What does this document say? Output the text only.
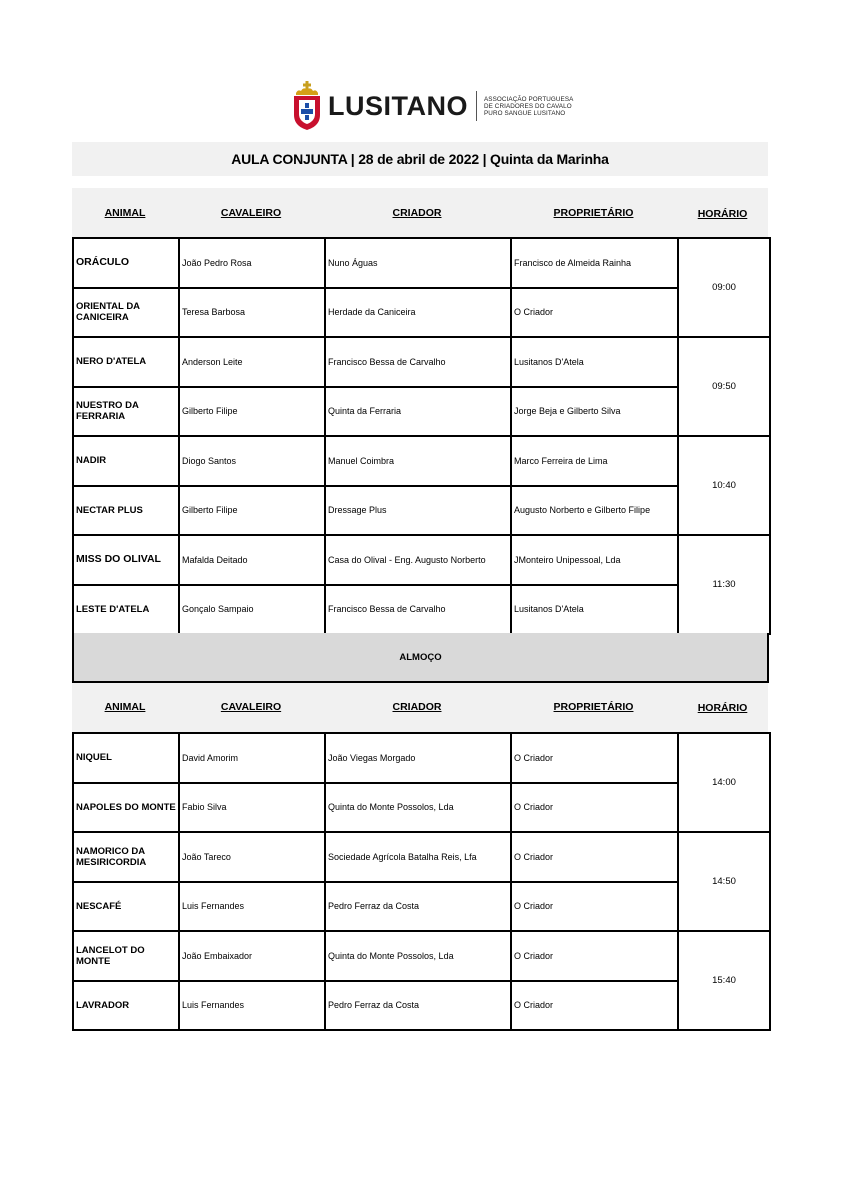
LUSITANO	ASSOCIAÇÃO PORTUGUESA
DE CRIADORES DO CAVALO
PURO SANGUE LUSITANO
AULA CONJUNTA | 28 de abril de 2022 | Quinta da Marinha
ANIMAL	CAVALEIRO	CRIADOR	PROPRIETÁRIO	HORÁRIO
ORÁCULO	João Pedro Rosa	Nuno Águas	Francisco de Almeida Rainha	09:00
ORIENTAL DA CANICEIRA	Teresa Barbosa	Herdade da Caniceira	O Criador	
NERO D'ATELA	Anderson Leite	Francisco Bessa de Carvalho	Lusitanos D'Atela	09:50
NUESTRO DA FERRARIA	Gilberto Filipe	Quinta da Ferraria	Jorge Beja e Gilberto Silva	
NADIR	Diogo Santos	Manuel Coimbra	Marco Ferreira de Lima	10:40
NECTAR PLUS	Gilberto Filipe	Dressage Plus	Augusto Norberto e Gilberto Filipe	
MISS DO OLIVAL	Mafalda Deitado	Casa do Olival - Eng. Augusto Norberto	JMonteiro Unipessoal, Lda	11:30
LESTE D'ATELA	Gonçalo Sampaio	Francisco Bessa de Carvalho	Lusitanos D'Atela	
ALMOÇO
ANIMAL	CAVALEIRO	CRIADOR	PROPRIETÁRIO	HORÁRIO
NIQUEL	David Amorim	João Viegas Morgado	O Criador	14:00
NAPOLES DO MONTE	Fabio Silva	Quinta do Monte Possolos, Lda	O Criador	
NAMORICO DA MESIRICORDIA	João Tareco	Sociedade Agrícola Batalha Reis, Lfa	O Criador	14:50
NESCAFÉ	Luis Fernandes	Pedro Ferraz da Costa	O Criador	
LANCELOT DO MONTE	João Embaixador	Quinta do Monte Possolos, Lda	O Criador	15:40
LAVRADOR	Luis Fernandes	Pedro Ferraz da Costa	O Criador	
